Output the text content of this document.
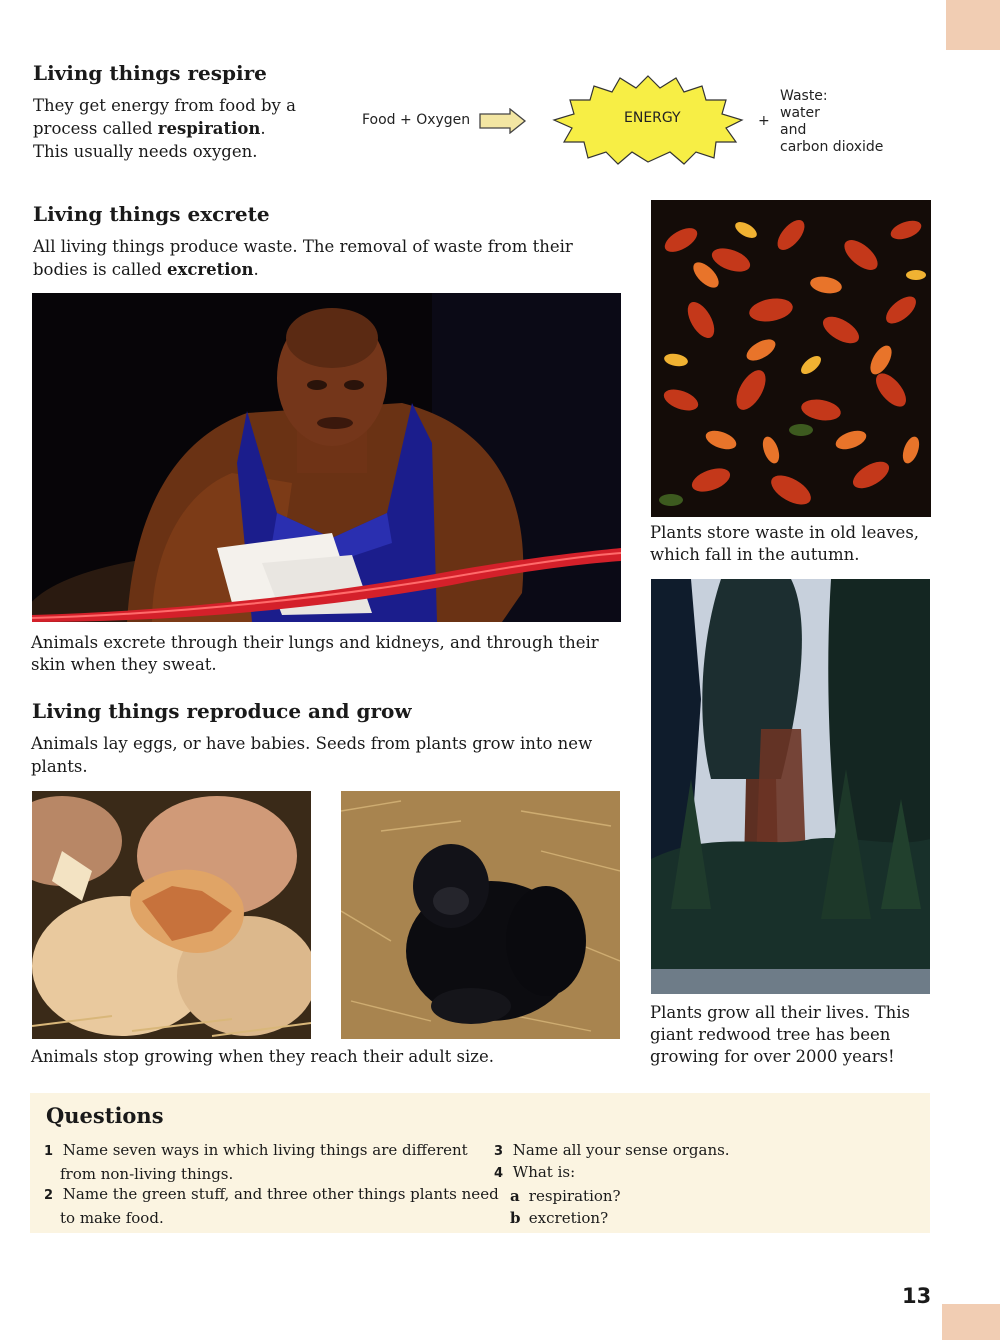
Living things respire

They get energy from food by a process called respiration. This usually needs oxygen.

Food + Oxygen	ENERGY	+
Waste:
water
and
carbon dioxide
Living things excrete

All living things produce waste. The removal of waste from their bodies is called excretion.

Animals excrete through their lungs and kidneys, and through their skin when they sweat.

Plants store waste in old leaves, which fall in the autumn.

Living things reproduce and grow

Animals lay eggs, or have babies. Seeds from plants grow into new plants.

Animals stop growing when they reach their adult size.

Plants grow all their lives. This giant redwood tree has been growing for over 2000 years!

Questions
1 Name seven ways in which living things are different
from non-living things.
2 Name the green stuff, and three other things plants need
to make food.
3 Name all your sense organs.
4 What is:
a respiration?
b excretion?
13
